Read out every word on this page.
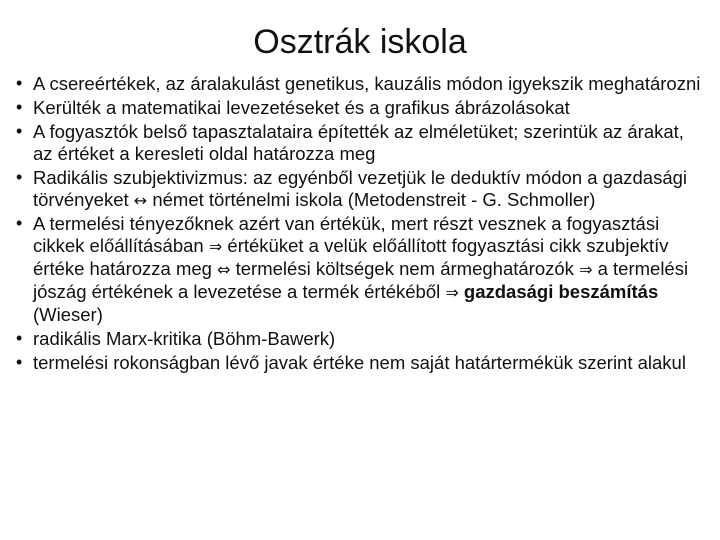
Osztrák iskola
• A csereértékek, az áralakulást genetikus, kauzális módon igyekszik meghatározni
• Kerülték a matematikai levezetéseket és a grafikus ábrázolásokat
• A fogyasztók belső tapasztalataira építették az elméletüket; szerintük az árakat, az értéket a keresleti oldal határozza meg
• Radikális szubjektivizmus: az egyénből vezetjük le deduktív módon a gazdasági törvényeket ↔ német történelmi iskola (Metodenstreit - G. Schmoller)
• A termelési tényezőknek azért van értékük, mert részt vesznek a fogyasztási cikkek előállításában ⇒ értéküket a velük előállított fogyasztási cikk szubjektív értéke határozza meg ⇔ termelési költségek nem ármeghatározók ⇒ a termelési jószág értékének a levezetése a termék értékéből ⇒ gazdasági beszámítás (Wieser)
• radikális Marx-kritika (Böhm-Bawerk)
• termelési rokonságban lévő javak értéke nem saját határtermékük szerint alakul
